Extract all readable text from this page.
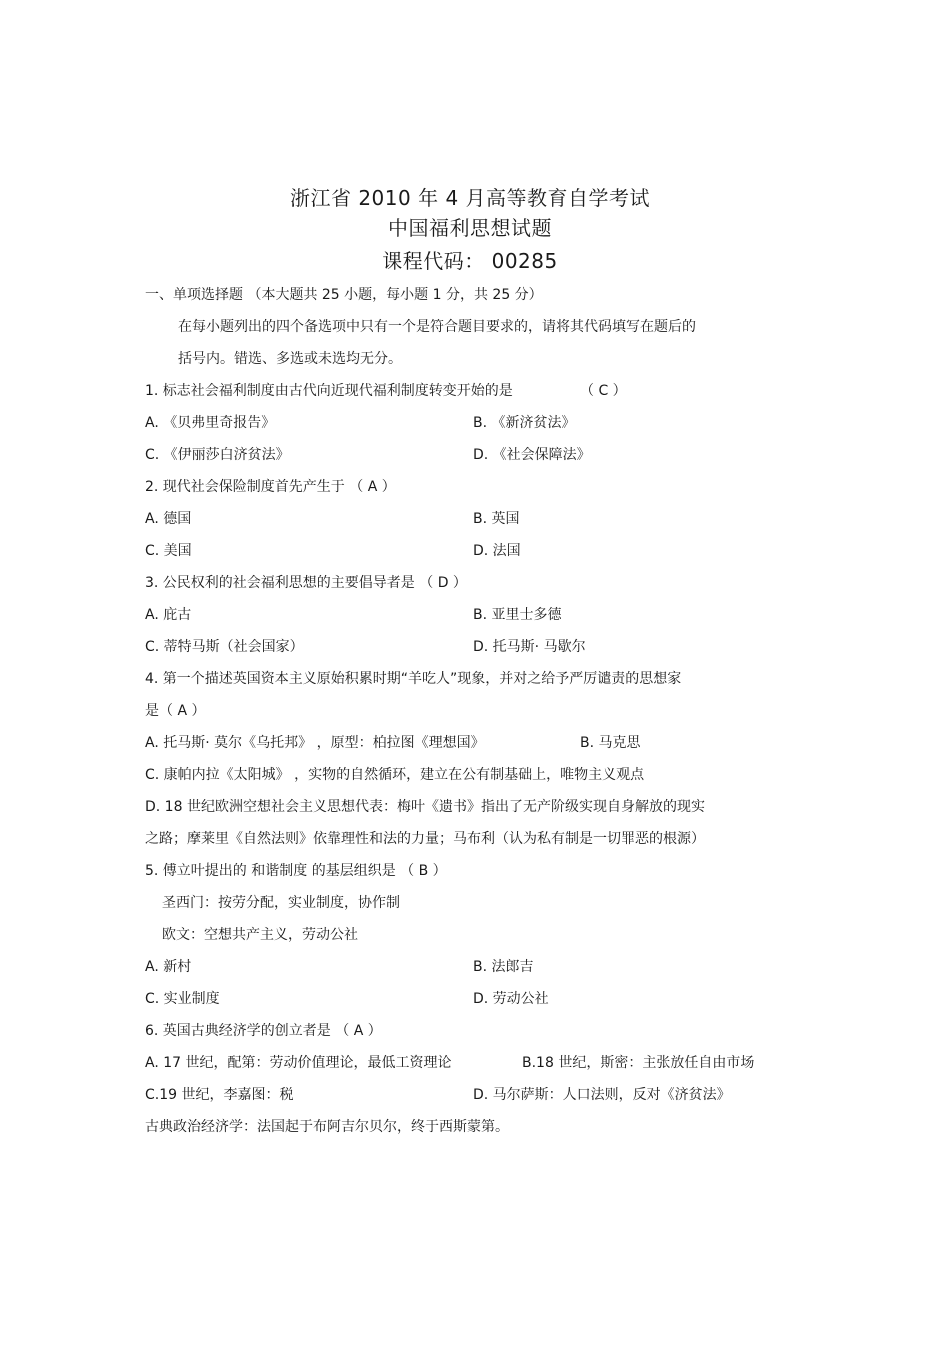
浙江省 2010 年 4 月高等教育自学考试
中国福利思想试题
课程代码： 00285
一、单项选择题 （本大题共 25 小题，每小题 1 分，共 25 分）
在每小题列出的四个备选项中只有一个是符合题目要求的，请将其代码填写在题后的
括号内。错选、多选或未选均无分。
1. 标志社会福利制度由古代向近现代福利制度转变开始的是	（ C ）
A. 《贝弗里奇报告》	B. 《新济贫法》
C. 《伊丽莎白济贫法》	D. 《社会保障法》
2. 现代社会保险制度首先产生于 （ A ）
A. 德国	B. 英国
C. 美国	D. 法国
3. 公民权利的社会福利思想的主要倡导者是 （ D ）
A. 庇古	B. 亚里士多德
C. 蒂特马斯（社会国家）	D. 托马斯· 马歇尔
4. 第一个描述英国资本主义原始积累时期“羊吃人”现象，并对之给予严厉谴责的思想家
是（ A ）
A. 托马斯· 莫尔《乌托邦》 ，原型：柏拉图《理想国》	B. 马克思
C. 康帕内拉《太阳城》 ，实物的自然循环，建立在公有制基础上，唯物主义观点
D. 18 世纪欧洲空想社会主义思想代表：梅叶《遗书》指出了无产阶级实现自身解放的现实
之路；摩莱里《自然法则》依靠理性和法的力量；马布利（认为私有制是一切罪恶的根源）
5. 傅立叶提出的 和谐制度 的基层组织是 （ B ）
圣西门：按劳分配，实业制度，协作制
欧文：空想共产主义，劳动公社
A. 新村	B. 法郎吉
C. 实业制度	D. 劳动公社
6. 英国古典经济学的创立者是 （ A ）
A. 17 世纪，配第：劳动价值理论，最低工资理论	B.18 世纪，斯密：主张放任自由市场
C.19 世纪，李嘉图：税	D. 马尔萨斯：人口法则，反对《济贫法》
古典政治经济学：法国起于布阿吉尔贝尔，终于西斯蒙第。
